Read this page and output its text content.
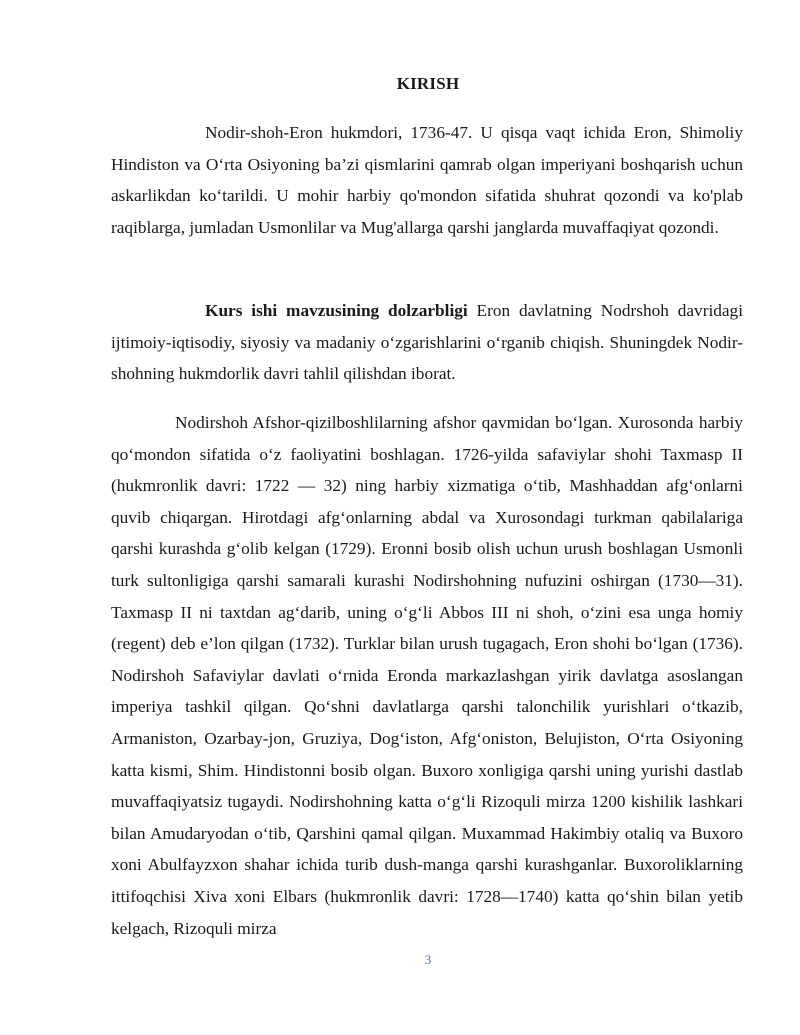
KIRISH

Nodir-shoh-Eron hukmdori, 1736-47. U qisqa vaqt ichida Eron, Shimoliy Hindiston va O‘rta Osiyoning ba’zi qismlarini qamrab olgan imperiyani boshqarish uchun askarlikdan ko‘tarildi. U mohir harbiy qo'mondon sifatida shuhrat qozondi va ko'plab raqiblarga, jumladan Usmonlilar va Mug'allarga qarshi janglarda muvaffaqiyat qozondi.

Kurs ishi mavzusining dolzarbligi Eron davlatning Nodrshoh davridagi ijtimoiy-iqtisodiy, siyosiy va madaniy o‘zgarishlarini o‘rganib chiqish. Shuningdek Nodir-shohning hukmdorlik davri tahlil qilishdan iborat.

Nodirshoh Afshor-qizilboshlilarning afshor qavmidan bo‘lgan. Xurosonda harbiy qo‘mondon sifatida o‘z faoliyatini boshlagan. 1726-yilda safaviylar shohi Taxmasp II (hukmronlik davri: 1722 — 32) ning harbiy xizmatiga o‘tib, Mashhaddan afg‘onlarni quvib chiqargan. Hirotdagi afg‘onlarning abdal va Xurosondagi turkman qabilalariga qarshi kurashda g‘olib kelgan (1729). Eronni bosib olish uchun urush boshlagan Usmonli turk sultonligiga qarshi samarali kurashi Nodirshohning nufuzini oshirgan (1730—31). Taxmasp II ni taxtdan ag‘darib, uning o‘g‘li Abbos III ni shoh, o‘zini esa unga homiy (regent) deb e’lon qilgan (1732). Turklar bilan urush tugagach, Eron shohi bo‘lgan (1736). Nodirshoh Safaviylar davlati o‘rnida Eronda markazlashgan yirik davlatga asoslangan imperiya tashkil qilgan. Qo‘shni davlatlarga qarshi talonchilik yurishlari o‘tkazib, Armaniston, Ozarbay-jon, Gruziya, Dog‘iston, Afg‘oniston, Belujiston, O‘rta Osiyoning katta kismi, Shim. Hindistonni bosib olgan. Buxoro xonligiga qarshi uning yurishi dastlab muvaffaqiyatsiz tugaydi. Nodirshohning katta o‘g‘li Rizoquli mirza 1200 kishilik lashkari bilan Amudaryodan o‘tib, Qarshini qamal qilgan. Muxammad Hakimbiy otaliq va Buxoro xoni Abulfayzxon shahar ichida turib dush-manga qarshi kurashganlar. Buxoroliklarning ittifoqchisi Xiva xoni Elbars (hukmronlik davri: 1728—1740) katta qo‘shin bilan yetib kelgach, Rizoquli mirza

3
